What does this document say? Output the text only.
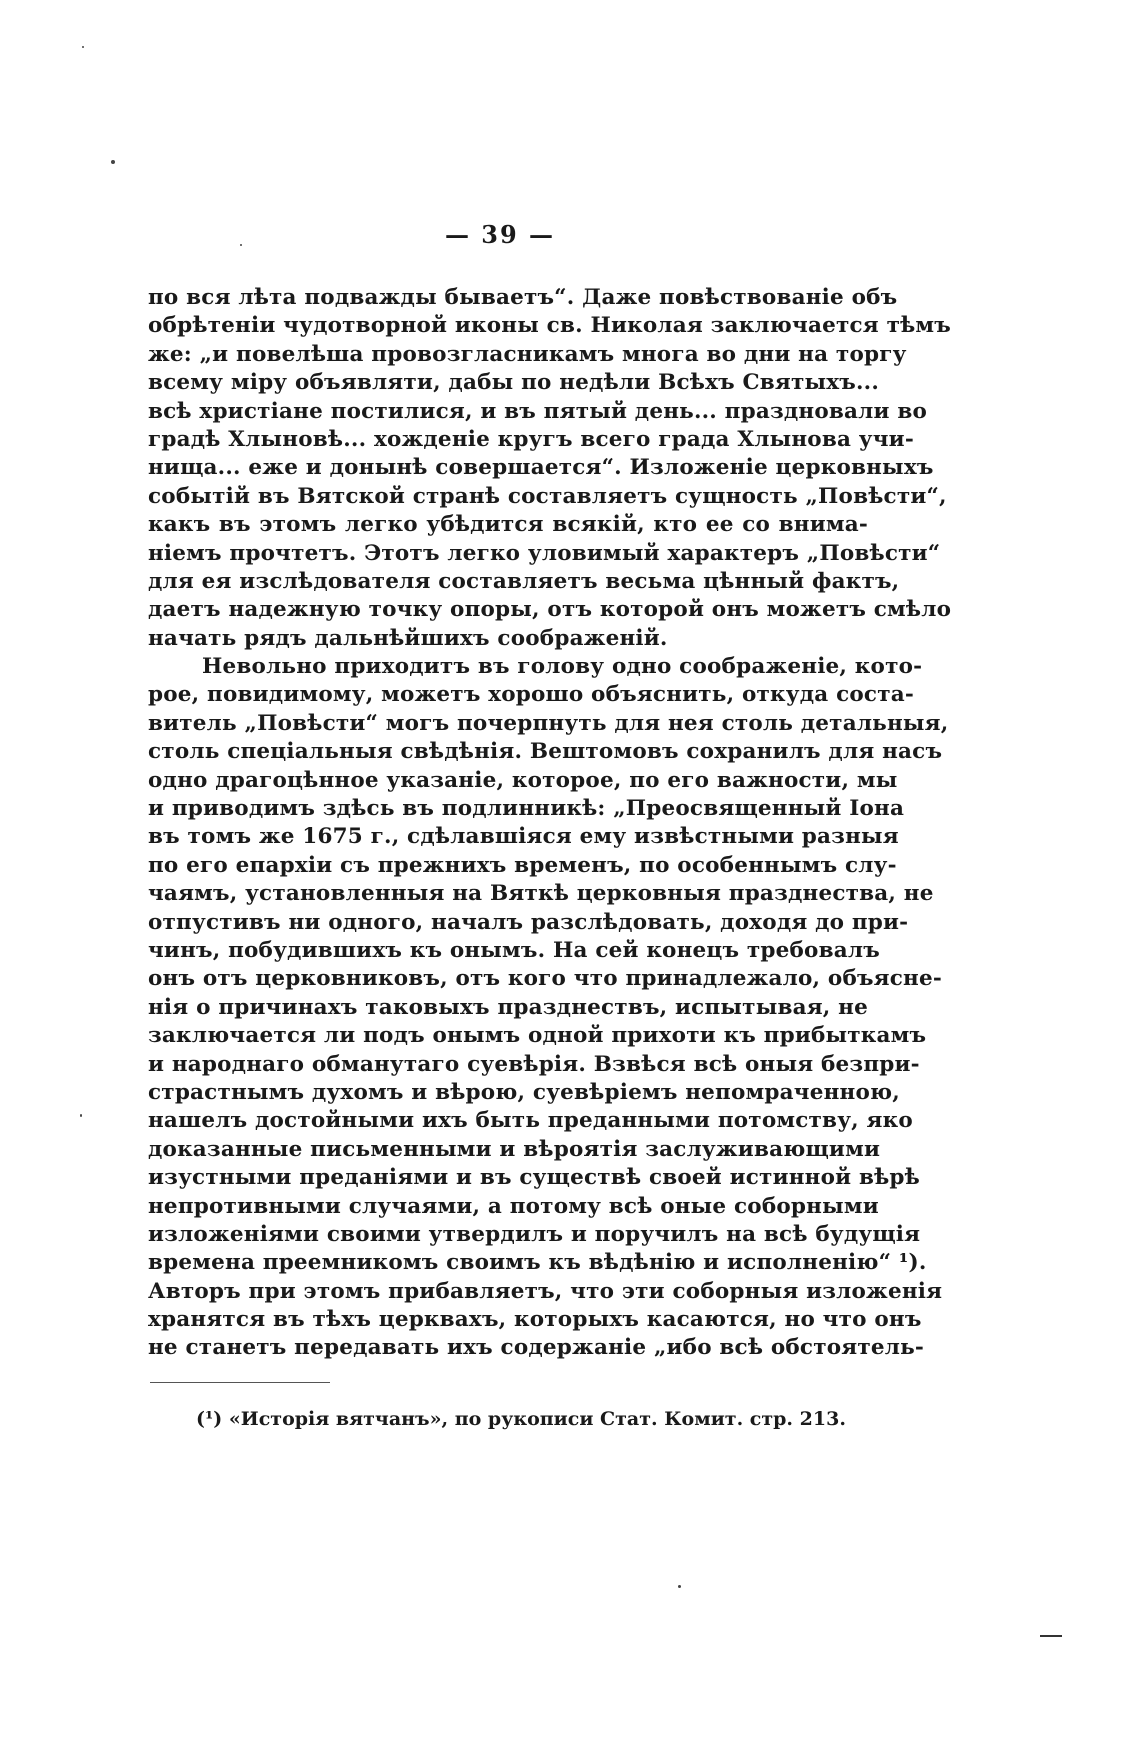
— 39 —
по вся лѣта подважды бываетъ“. Даже повѣствованіе объ
обрѣтеніи чудотворной иконы св. Николая заключается тѣмъ
же: „и повелѣша провозгласникамъ многа во дни на торгу
всему міру объявляти, дабы по недѣли Всѣхъ Святыхъ...
всѣ христіане постилися, и въ пятый день... праздновали во
градѣ Хлыновѣ... хожденіе кругъ всего града Хлынова учи-
нища... еже и донынѣ совершается“. Изложеніе церковныхъ
событій въ Вятской странѣ составляетъ сущность „Повѣсти“,
какъ въ этомъ легко убѣдится всякій, кто ее со внима-
ніемъ прочтетъ. Этотъ легко уловимый характеръ „Повѣсти“
для ея изслѣдователя составляетъ весьма цѣнный фактъ,
даетъ надежную точку опоры, отъ которой онъ можетъ смѣло
начать рядъ дальнѣйшихъ соображеній.
Невольно приходитъ въ голову одно соображеніе, кото-
рое, повидимому, можетъ хорошо объяснить, откуда соста-
витель „Повѣсти“ могъ почерпнуть для нея столь детальныя,
столь спеціальныя свѣдѣнія. Вештомовъ сохранилъ для насъ
одно драгоцѣнное указаніе, которое, по его важности, мы
и приводимъ здѣсь въ подлинникѣ: „Преосвященный Іона
въ томъ же 1675 г., сдѣлавшіяся ему извѣстными разныя
по его епархіи съ прежнихъ временъ, по особеннымъ слу-
чаямъ, установленныя на Вяткѣ церковныя празднества, не
отпустивъ ни одного, началъ разслѣдовать, доходя до при-
чинъ, побудившихъ къ онымъ. На сей конецъ требовалъ
онъ отъ церковниковъ, отъ кого что принадлежало, объясне-
нія о причинахъ таковыхъ празднествъ, испытывая, не
заключается ли подъ онымъ одной прихоти къ прибыткамъ
и народнаго обманутаго суевѣрія. Взвѣся всѣ оныя безпри-
страстнымъ духомъ и вѣрою, суевѣріемъ непомраченною,
нашелъ достойными ихъ быть преданными потомству, яко
доказанные письменными и вѣроятія заслуживающими
изустными преданіями и въ существѣ своей истинной вѣрѣ
непротивными случаями, а потому всѣ оные соборными
изложеніями своими утвердилъ и поручилъ на всѣ будущія
времена преемникомъ своимъ къ вѣдѣнію и исполненію“ ¹).
Авторъ при этомъ прибавляетъ, что эти соборныя изложенія
хранятся въ тѣхъ церквахъ, которыхъ касаются, но что онъ
не станетъ передавать ихъ содержаніе „ибо всѣ обстоятель-
(¹) «Исторія вятчанъ», по рукописи Стат. Комит. стр. 213.
